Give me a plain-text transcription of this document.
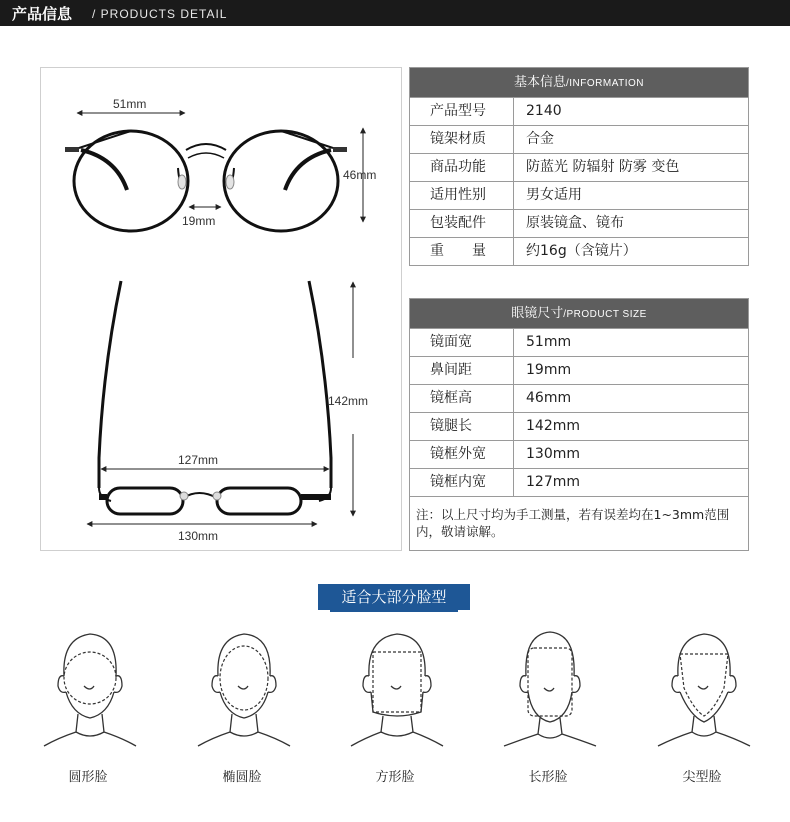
产品信息 / PRODUCTS DETAIL
51mm
19mm
46mm
142mm
127mm
130mm
基本信息/INFORMATION
产品型号	2140
镜架材质	合金
商品功能	防蓝光 防辐射 防雾 变色
适用性别	男女适用
包装配件	原装镜盒、镜布
重　　量	约16g（含镜片）
眼镜尺寸/PRODUCT SIZE
镜面宽	51mm
鼻间距	19mm
镜框高	46mm
镜腿长	142mm
镜框外宽	130mm
镜框内宽	127mm
注：以上尺寸均为手工测量，若有误差均在1~3mm范围内，敬请谅解。
适合大部分脸型
圆形脸	椭圆脸	方形脸	长形脸	尖型脸
